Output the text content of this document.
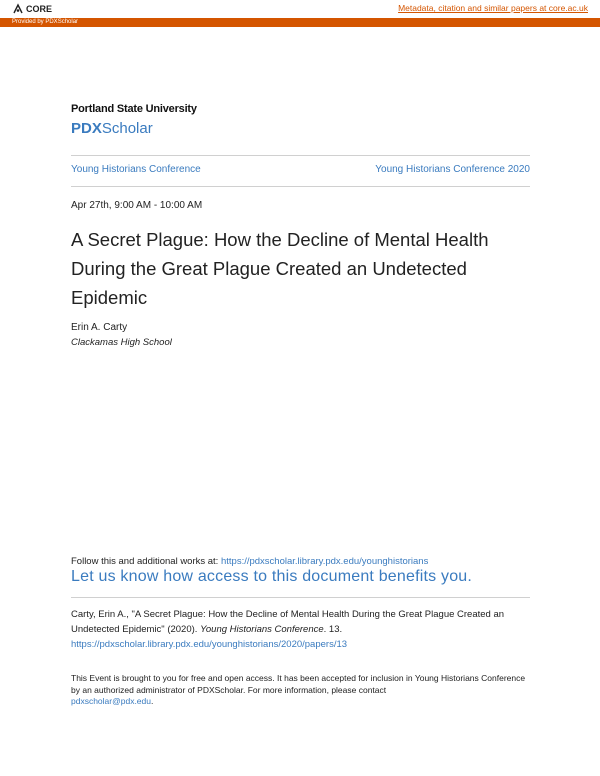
CORE	Metadata, citation and similar papers at core.ac.uk
Provided by PDXScholar
Portland State University
PDXScholar
Young Historians Conference	Young Historians Conference 2020
Apr 27th, 9:00 AM - 10:00 AM
A Secret Plague: How the Decline of Mental Health During the Great Plague Created an Undetected Epidemic
Erin A. Carty
Clackamas High School
Follow this and additional works at: https://pdxscholar.library.pdx.edu/younghistorians
Let us know how access to this document benefits you.
Carty, Erin A., "A Secret Plague: How the Decline of Mental Health During the Great Plague Created an Undetected Epidemic" (2020). Young Historians Conference. 13.
https://pdxscholar.library.pdx.edu/younghistorians/2020/papers/13
This Event is brought to you for free and open access. It has been accepted for inclusion in Young Historians Conference by an authorized administrator of PDXScholar. For more information, please contact
pdxscholar@pdx.edu.
